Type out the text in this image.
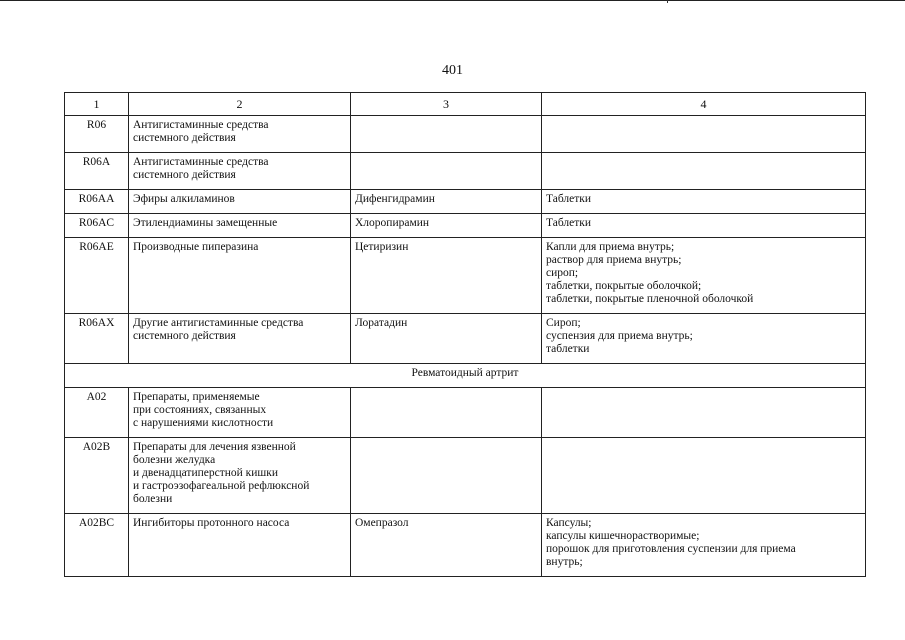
401
1	2	3	4
R06	Антигистаминные средства
системного действия		

R06A	Антигистаминные средства
системного действия		

R06AA	Эфиры алкиламинов	Дифенгидрамин	Таблетки

R06AC	Этилендиамины замещенные	Хлоропирамин	Таблетки

R06AE	Производные пиперазина	Цетиризин	Капли для приема внутрь;
раствор для приема внутрь;
сироп;
таблетки, покрытые оболочкой;
таблетки, покрытые пленочной оболочкой

R06AX	Другие антигистаминные средства
системного действия	Лоратадин	Сироп;
суспензия для приема внутрь;
таблетки

Ревматоидный артрит			
A02	Препараты, применяемые
при состояниях, связанных
с нарушениями кислотности		

A02B	Препараты для лечения язвенной
болезни желудка
и двенадцатиперстной кишки
и гастроэзофагеальной рефлюксной
болезни		

A02BC	Ингибиторы протонного насоса	Омепразол	Капсулы;
капсулы кишечнорастворимые;
порошок для приготовления суспензии для приема
внутрь;
